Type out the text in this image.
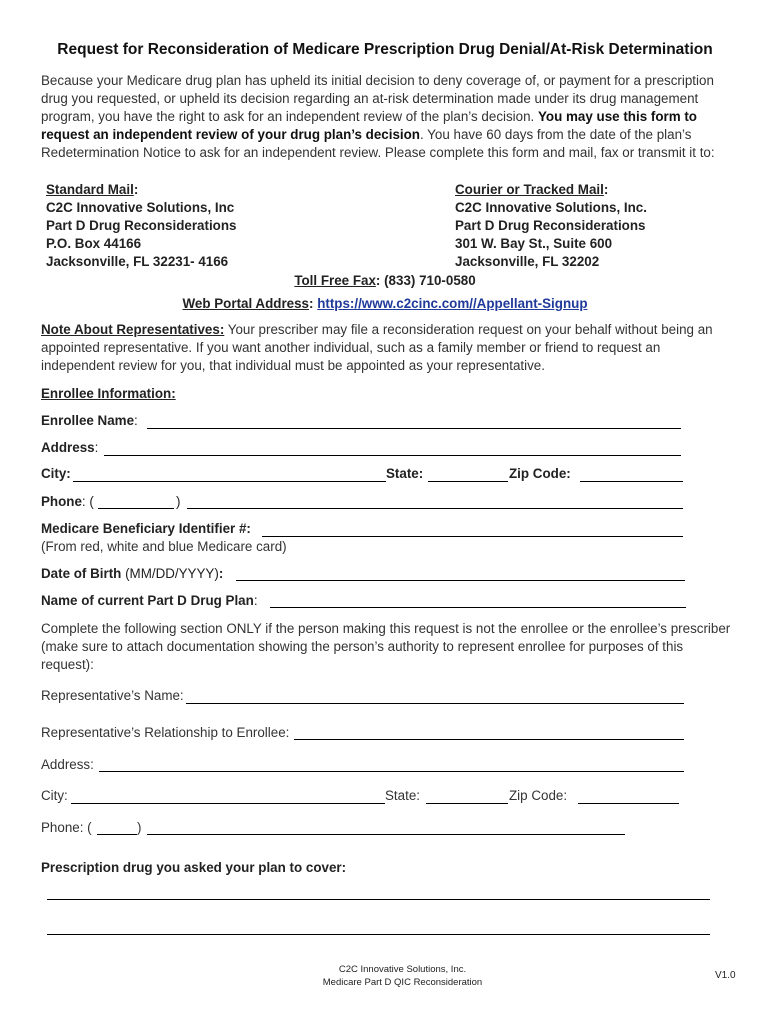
Request for Reconsideration of Medicare Prescription Drug Denial/At-Risk Determination
Because your Medicare drug plan has upheld its initial decision to deny coverage of, or payment for a prescription drug you requested, or upheld its decision regarding an at-risk determination made under its drug management program, you have the right to ask for an independent review of the plan’s decision. You may use this form to request an independent review of your drug plan’s decision. You have 60 days from the date of the plan’s Redetermination Notice to ask for an independent review. Please complete this form and mail, fax or transmit it to:
Standard Mail:
C2C Innovative Solutions, Inc
Part D Drug Reconsiderations
P.O. Box 44166
Jacksonville, FL 32231- 4166
Courier or Tracked Mail:
C2C Innovative Solutions, Inc.
Part D Drug Reconsiderations
301 W. Bay St., Suite 600
Jacksonville, FL 32202
Toll Free Fax: (833) 710-0580
Web Portal Address: https://www.c2cinc.com//Appellant-Signup
Note About Representatives: Your prescriber may file a reconsideration request on your behalf without being an appointed representative. If you want another individual, such as a family member or friend to request an independent review for you, that individual must be appointed as your representative.
Enrollee Information:
Enrollee Name:
Address:
City:	State:	Zip Code:
Phone: (	)
Medicare Beneficiary Identifier #:
(From red, white and blue Medicare card)
Date of Birth (MM/DD/YYYY):
Name of current Part D Drug Plan:
Complete the following section ONLY if the person making this request is not the enrollee or the enrollee’s prescriber (make sure to attach documentation showing the person’s authority to represent enrollee for purposes of this request):
Representative’s Name:
Representative’s Relationship to Enrollee:
Address:
City:	State:	Zip Code:
Phone: (	)
Prescription drug you asked your plan to cover:
C2C Innovative Solutions, Inc.
Medicare Part D QIC Reconsideration
V1.0
